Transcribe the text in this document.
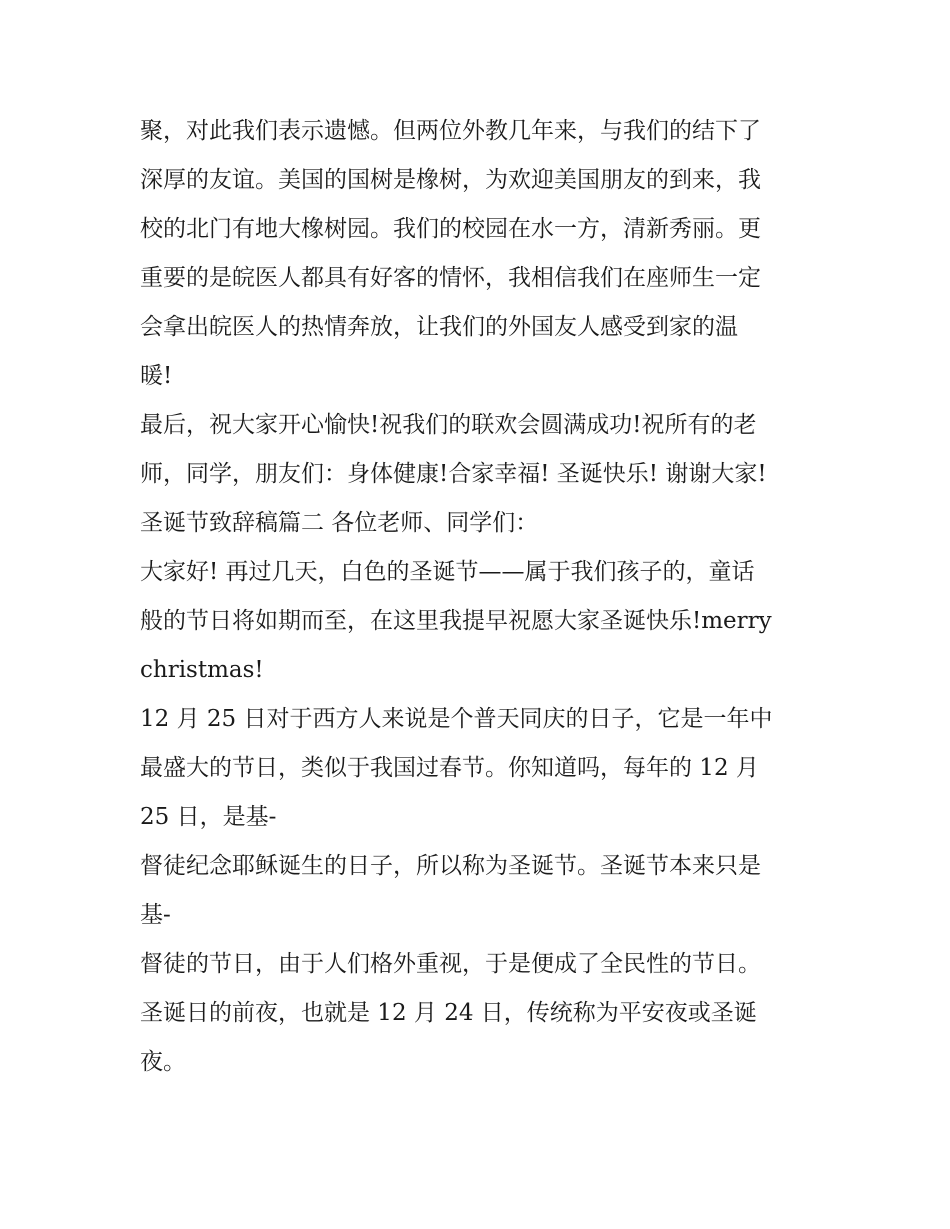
聚，对此我们表示遗憾。但两位外教几年来，与我们的结下了

深厚的友谊。美国的国树是橡树，为欢迎美国朋友的到来，我

校的北门有地大橡树园。我们的校园在水一方，清新秀丽。更

重要的是皖医人都具有好客的情怀，我相信我们在座师生一定

会拿出皖医人的热情奔放，让我们的外国友人感受到家的温

暖!

最后，祝大家开心愉快!祝我们的联欢会圆满成功!祝所有的老

师，同学，朋友们：身体健康!合家幸福! 圣诞快乐! 谢谢大家!

圣诞节致辞稿篇二 各位老师、同学们：

大家好! 再过几天，白色的圣诞节——属于我们孩子的，童话

般的节日将如期而至，在这里我提早祝愿大家圣诞快乐!merry

christmas!

12 月 25 日对于西方人来说是个普天同庆的日子，它是一年中

最盛大的节日，类似于我国过春节。你知道吗，每年的 12 月

25 日，是基-

督徒纪念耶稣诞生的日子，所以称为圣诞节。圣诞节本来只是

基-

督徒的节日，由于人们格外重视，于是便成了全民性的节日。

圣诞日的前夜，也就是 12 月 24 日，传统称为平安夜或圣诞

夜。
